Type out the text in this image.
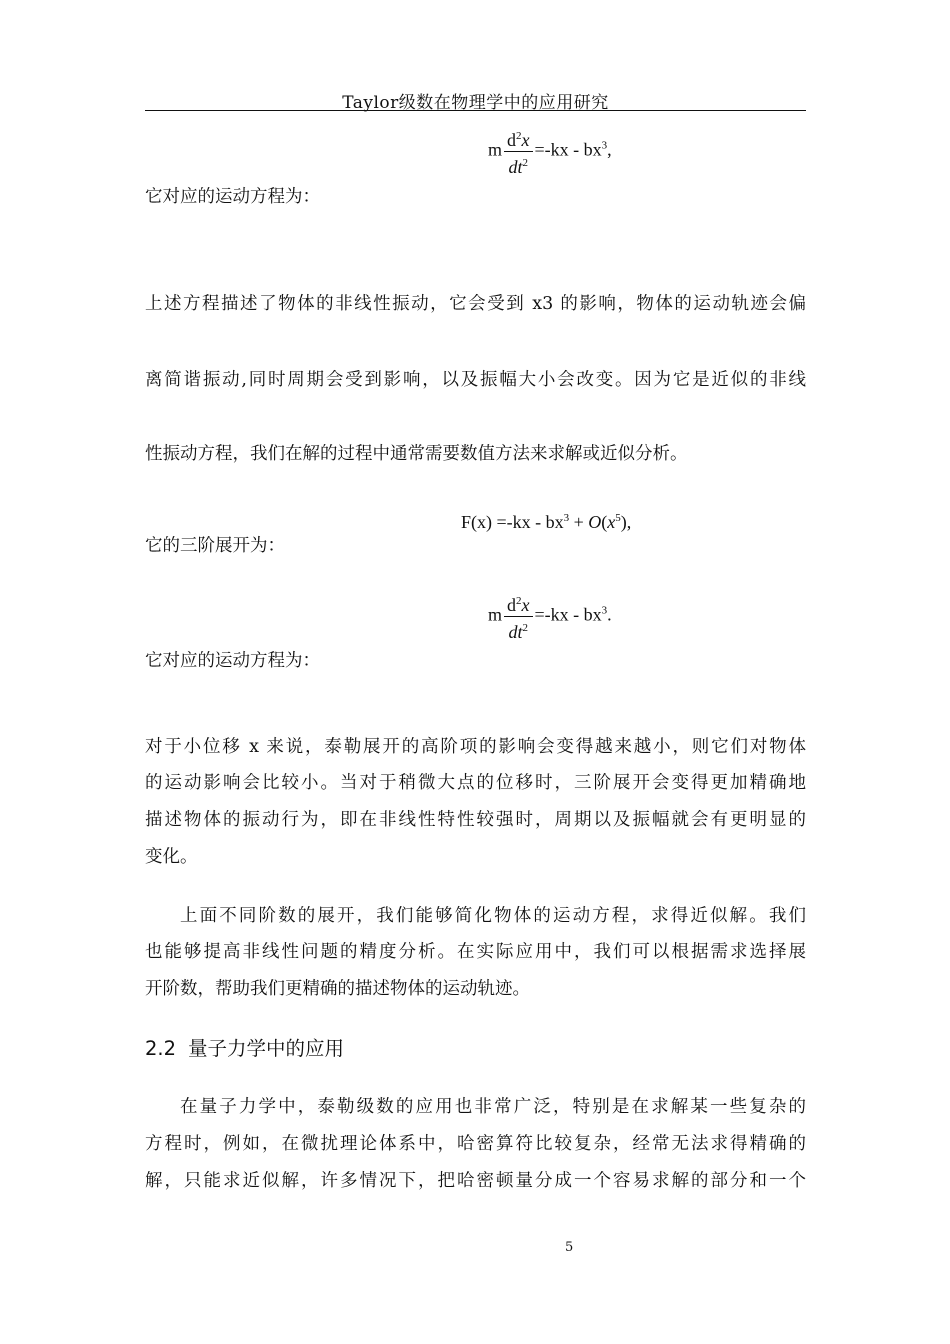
Taylor级数在物理学中的应用研究
m $\frac{d^2x}{dt^2} =-kx - bx^3$,
它对应的运动方程为：
上述方程描述了物体的非线性振动，它会受到 x3 的影响，物体的运动轨迹会偏
离简谐振动,同时周期会受到影响，以及振幅大小会改变。因为它是近似的非线
性振动方程，我们在解的过程中通常需要数值方法来求解或近似分析。
$F(x) =-kx - bx^3 + O(x^5)$,
它的三阶展开为：
m $\frac{d^2x}{dt^2} =-kx - bx^3$.
它对应的运动方程为：
对于小位移 x 来说，泰勒展开的高阶项的影响会变得越来越小，则它们对物体
的运动影响会比较小。当对于稍微大点的位移时，三阶展开会变得更加精确地
描述物体的振动行为，即在非线性特性较强时，周期以及振幅就会有更明显的
变化。
上面不同阶数的展开，我们能够简化物体的运动方程，求得近似解。我们
也能够提高非线性问题的精度分析。在实际应用中，我们可以根据需求选择展
开阶数，帮助我们更精确的描述物体的运动轨迹。
2.2 量子力学中的应用
在量子力学中，泰勒级数的应用也非常广泛，特别是在求解某一些复杂的
方程时，例如，在微扰理论体系中，哈密算符比较复杂，经常无法求得精确的
解，只能求近似解，许多情况下，把哈密顿量分成一个容易求解的部分和一个
5
